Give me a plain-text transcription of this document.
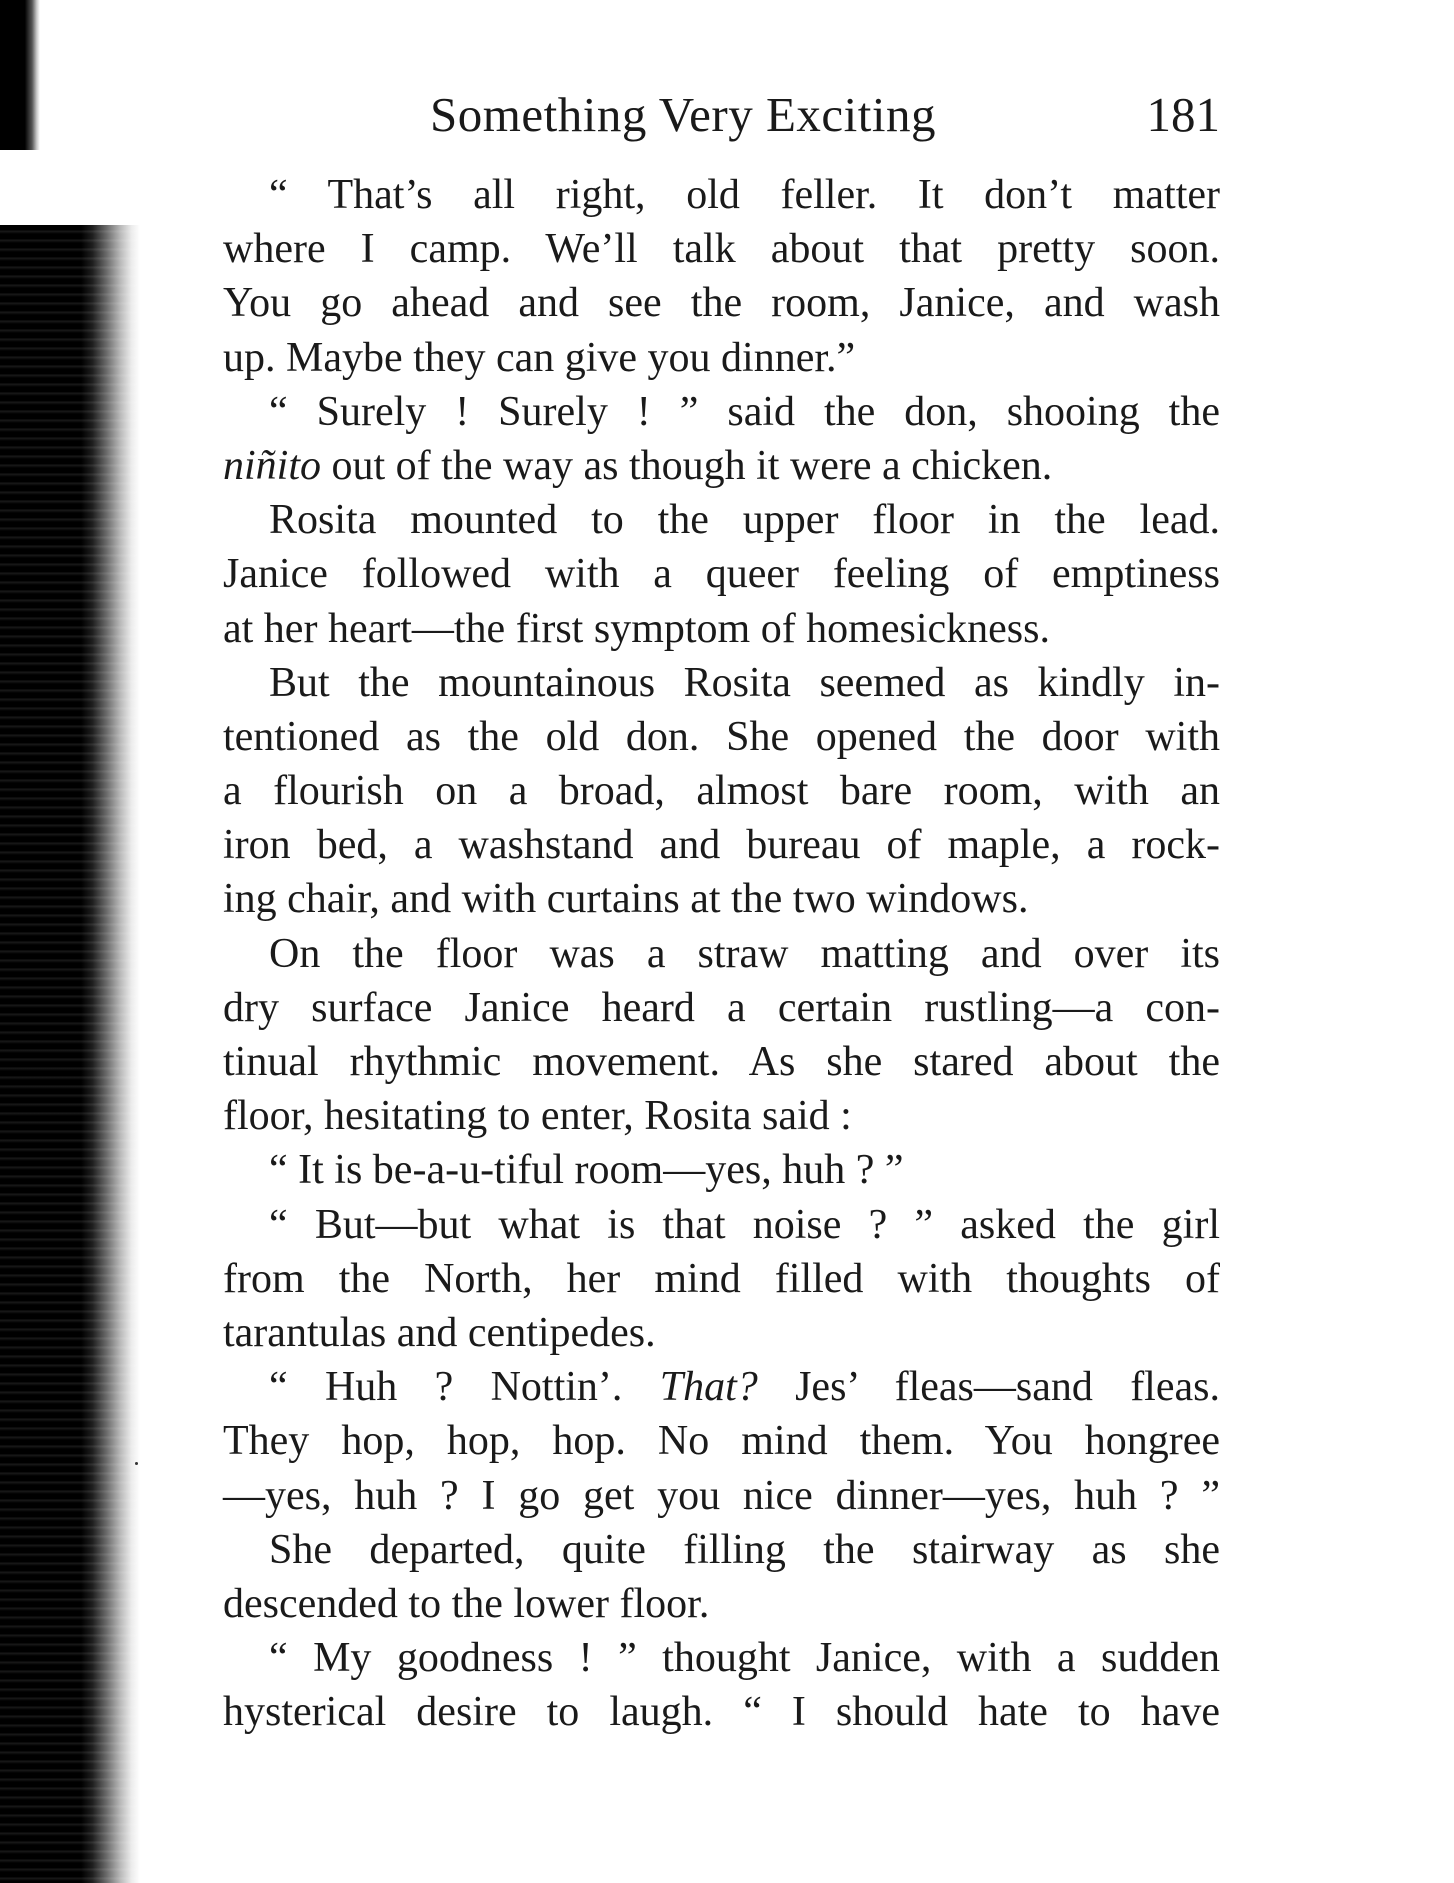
Something Very Exciting	181
“ That’s all right, old feller. It don’t matter
where I camp. We’ll talk about that pretty soon.
You go ahead and see the room, Janice, and wash
up. Maybe they can give you dinner.”
“ Surely ! Surely ! ” said the don, shooing the
niñito out of the way as though it were a chicken.
Rosita mounted to the upper floor in the lead.
Janice followed with a queer feeling of emptiness
at her heart—the first symptom of homesickness.
But the mountainous Rosita seemed as kindly in-
tentioned as the old don. She opened the door with
a flourish on a broad, almost bare room, with an
iron bed, a washstand and bureau of maple, a rock-
ing chair, and with curtains at the two windows.
On the floor was a straw matting and over its
dry surface Janice heard a certain rustling—a con-
tinual rhythmic movement. As she stared about the
floor, hesitating to enter, Rosita said :
“ It is be-a-u-tiful room—yes, huh ? ”
“ But—but what is that noise ? ” asked the girl
from the North, her mind filled with thoughts of
tarantulas and centipedes.
“ Huh ? Nottin’. That? Jes’ fleas—sand fleas.
They hop, hop, hop. No mind them. You hongree
—yes, huh ? I go get you nice dinner—yes, huh ? ”
She departed, quite filling the stairway as she
descended to the lower floor.
“ My goodness ! ” thought Janice, with a sudden
hysterical desire to laugh. “ I should hate to have
